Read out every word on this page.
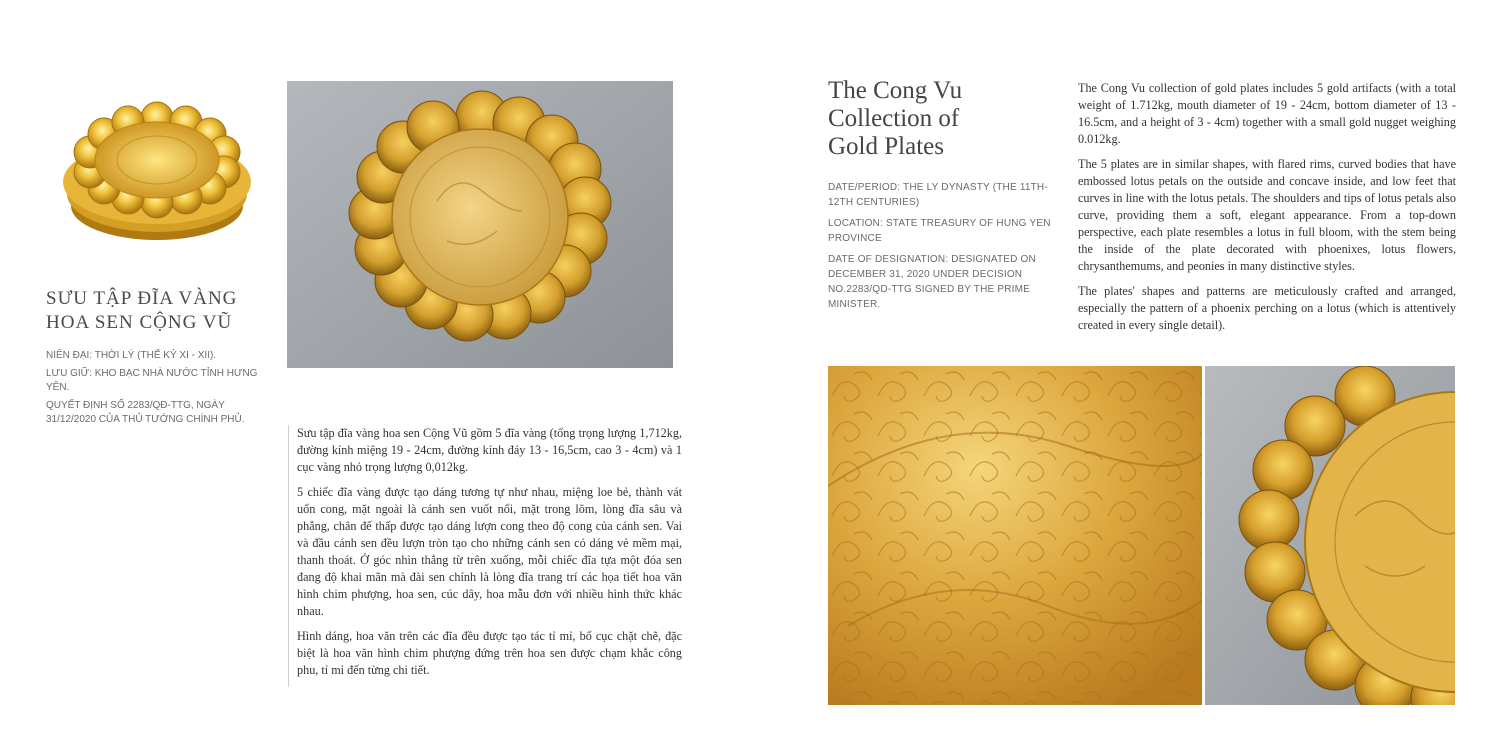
SƯU TẬP ĐĨA VÀNG
HOA SEN CỘNG VŨ

NIÊN ĐẠI: THỜI LÝ (THẾ KỶ XI - XII).

LƯU GIỮ: KHO BẠC NHÀ NƯỚC TỈNH HƯNG YÊN.

QUYẾT ĐỊNH SỐ 2283/QĐ-TTG, NGÀY 31/12/2020 CỦA THỦ TƯỚNG CHÍNH PHỦ.

Sưu tập đĩa vàng hoa sen Cộng Vũ gồm 5 đĩa vàng (tổng trọng lượng 1,712kg, đường kính miệng 19 - 24cm, đường kính đáy 13 - 16,5cm, cao 3 - 4cm) và 1 cục vàng nhỏ trọng lượng 0,012kg.

5 chiếc đĩa vàng được tạo dáng tương tự như nhau, miệng loe bẻ, thành vát uốn cong, mặt ngoài là cánh sen vuốt nổi, mặt trong lõm, lòng đĩa sâu và phẳng, chân đế thấp được tạo dáng lượn cong theo độ cong của cánh sen. Vai và đầu cánh sen đều lượn tròn tạo cho những cánh sen có dáng vẻ mềm mại, thanh thoát. Ở góc nhìn thẳng từ trên xuống, mỗi chiếc đĩa tựa một đóa sen đang độ khai mãn mà đài sen chính là lòng đĩa trang trí các họa tiết hoa văn hình chim phượng, hoa sen, cúc dây, hoa mẫu đơn với nhiều hình thức khác nhau.

Hình dáng, hoa văn trên các đĩa đều được tạo tác tỉ mỉ, bố cục chặt chẽ, đặc biệt là hoa văn hình chim phượng đứng trên hoa sen được chạm khắc công phu, tỉ mỉ đến từng chi tiết.

The Cong Vu
Collection of
Gold Plates

DATE/PERIOD: THE LY DYNASTY (THE 11TH-12TH CENTURIES)

LOCATION: STATE TREASURY OF HUNG YEN PROVINCE

DATE OF DESIGNATION: DESIGNATED ON DECEMBER 31, 2020 UNDER DECISION NO.2283/QD-TTG SIGNED BY THE PRIME MINISTER.

The Cong Vu collection of gold plates includes 5 gold artifacts (with a total weight of 1.712kg, mouth diameter of 19 - 24cm, bottom diameter of 13 - 16.5cm, and a height of 3 - 4cm) together with a small gold nugget weighing 0.012kg.

The 5 plates are in similar shapes, with flared rims, curved bodies that have embossed lotus petals on the outside and concave inside, and low feet that curves in line with the lotus petals. The shoulders and tips of lotus petals also curve, providing them a soft, elegant appearance. From a top-down perspective, each plate resembles a lotus in full bloom, with the stem being the inside of the plate decorated with phoenixes, lotus flowers, chrysanthemums, and peonies in many distinctive styles.

The plates' shapes and patterns are meticulously crafted and arranged, especially the pattern of a phoenix perching on a lotus (which is attentively created in every single detail).
